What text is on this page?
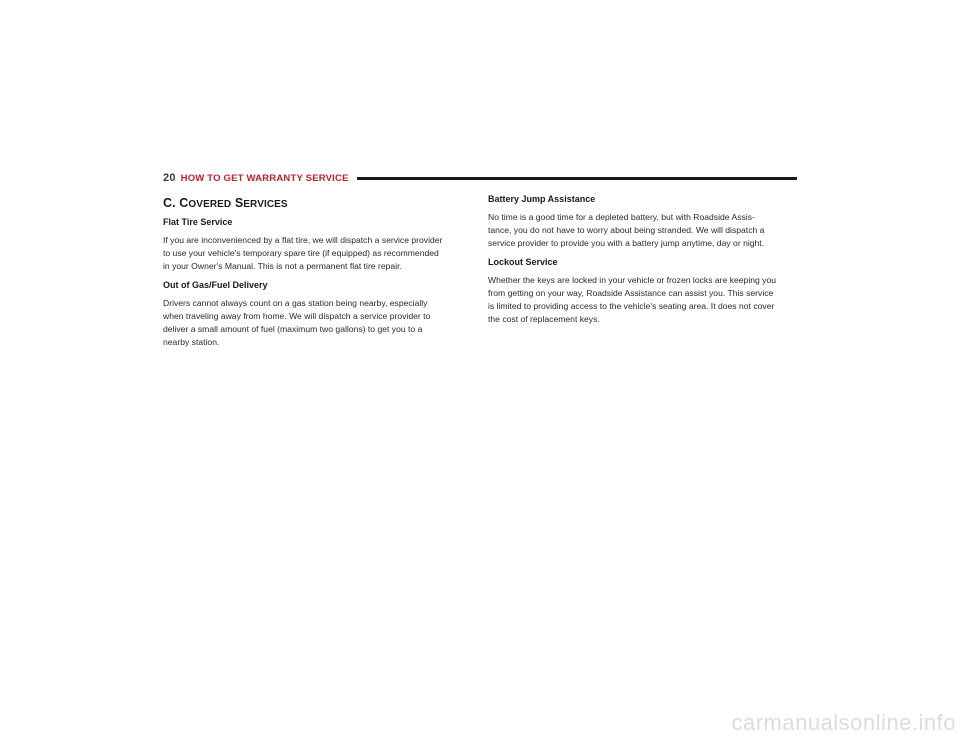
20 HOW TO GET WARRANTY SERVICE
C. COVERED SERVICES
Flat Tire Service

If you are inconvenienced by a flat tire, we will dispatch a service provider
to use your vehicle's temporary spare tire (if equipped) as recommended
in your Owner's Manual. This is not a permanent flat tire repair.

Out of Gas/Fuel Delivery

Drivers cannot always count on a gas station being nearby, especially
when traveling away from home. We will dispatch a service provider to
deliver a small amount of fuel (maximum two gallons) to get you to a
nearby station.

Battery Jump Assistance

No time is a good time for a depleted battery, but with Roadside Assis-
tance, you do not have to worry about being stranded. We will dispatch a
service provider to provide you with a battery jump anytime, day or night.

Lockout Service

Whether the keys are locked in your vehicle or frozen locks are keeping you
from getting on your way, Roadside Assistance can assist you. This service
is limited to providing access to the vehicle's seating area. It does not cover
the cost of replacement keys.

carmanualsonline.info
